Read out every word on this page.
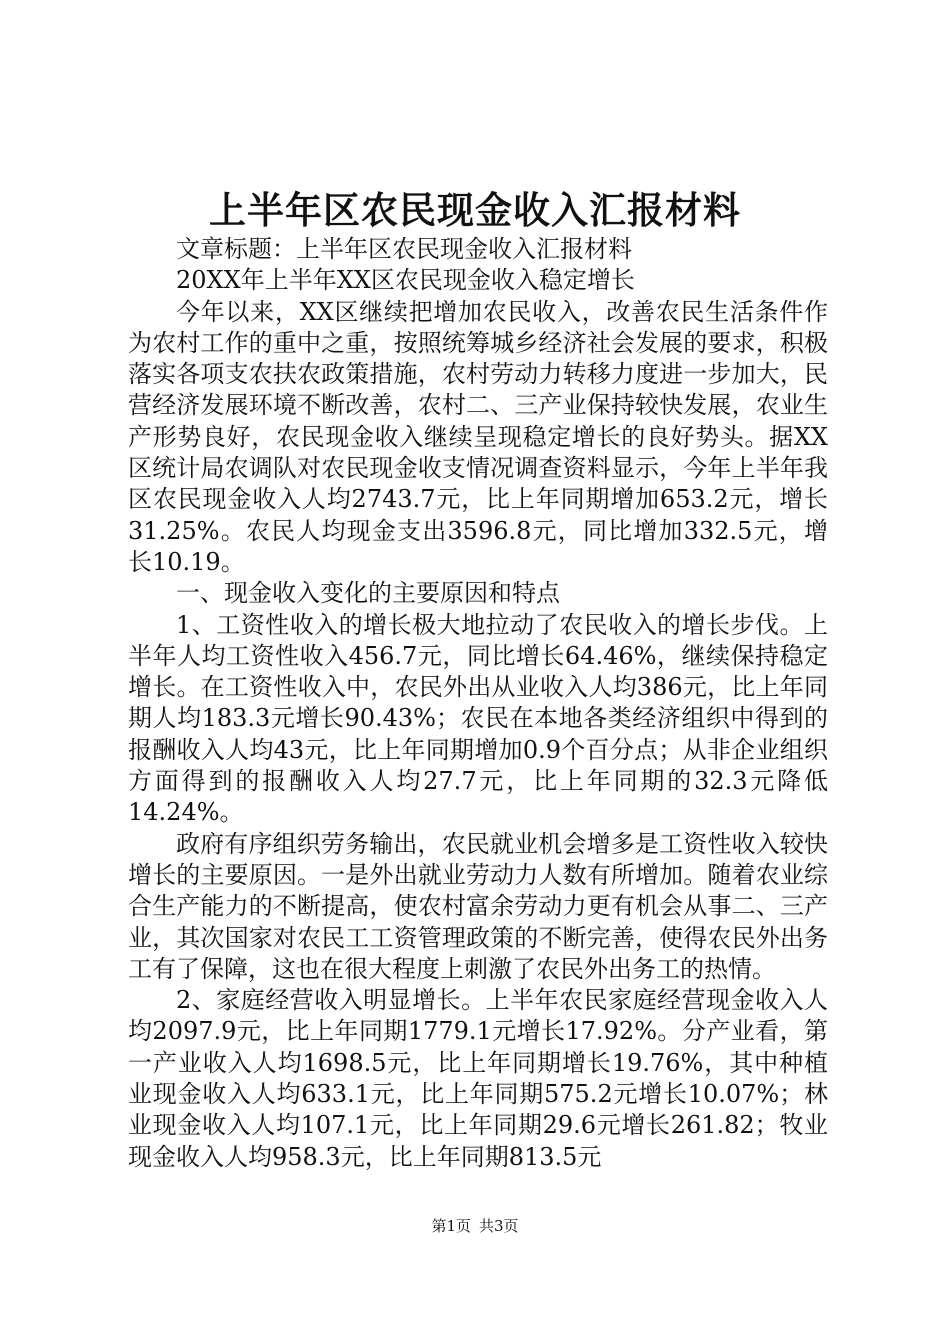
上半年区农民现金收入汇报材料

文章标题：上半年区农民现金收入汇报材料

20XX年上半年XX区农民现金收入稳定增长

今年以来，XX区继续把增加农民收入，改善农民生活条件作为农村工作的重中之重，按照统筹城乡经济社会发展的要求，积极落实各项支农扶农政策措施，农村劳动力转移力度进一步加大，民营经济发展环境不断改善，农村二、三产业保持较快发展，农业生产形势良好，农民现金收入继续呈现稳定增长的良好势头。据XX区统计局农调队对农民现金收支情况调查资料显示，今年上半年我区农民现金收入人均2743.7元，比上年同期增加653.2元，增长31.25%。农民人均现金支出3596.8元，同比增加332.5元，增长10.19。

一、现金收入变化的主要原因和特点

1、工资性收入的增长极大地拉动了农民收入的增长步伐。上半年人均工资性收入456.7元，同比增长64.46%，继续保持稳定增长。在工资性收入中，农民外出从业收入人均386元，比上年同期人均183.3元增长90.43%；农民在本地各类经济组织中得到的报酬收入人均43元，比上年同期增加0.9个百分点；从非企业组织方面得到的报酬收入人均27.7元，比上年同期的32.3元降低14.24%。

政府有序组织劳务输出，农民就业机会增多是工资性收入较快增长的主要原因。一是外出就业劳动力人数有所增加。随着农业综合生产能力的不断提高，使农村富余劳动力更有机会从事二、三产业，其次国家对农民工工资管理政策的不断完善，使得农民外出务工有了保障，这也在很大程度上刺激了农民外出务工的热情。

2、家庭经营收入明显增长。上半年农民家庭经营现金收入人均2097.9元，比上年同期1779.1元增长17.92%。分产业看，第一产业收入人均1698.5元，比上年同期增长19.76%，其中种植业现金收入人均633.1元，比上年同期575.2元增长10.07%；林业现金收入人均107.1元，比上年同期29.6元增长261.82；牧业现金收入人均958.3元，比上年同期813.5元

第1页 共3页
